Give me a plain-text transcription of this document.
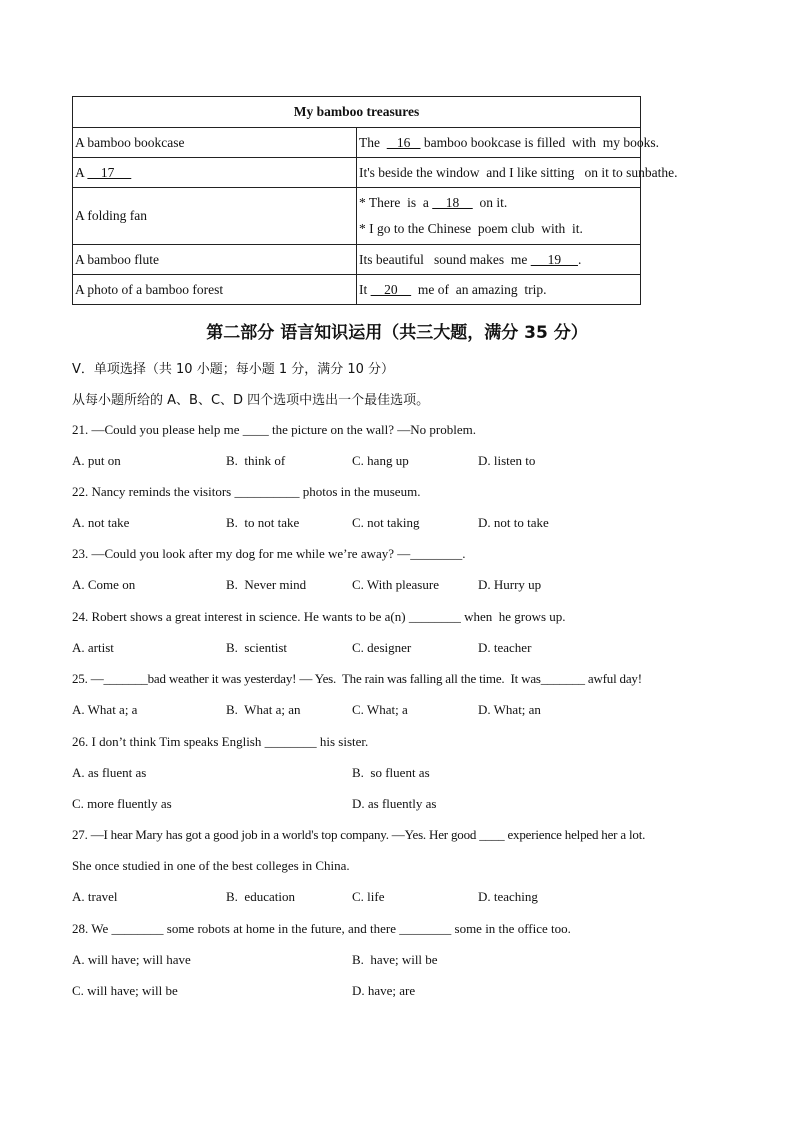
My bamboo treasures	
A bamboo bookcase	The     16    bamboo bookcase is filled  with  my books.
A     17	It's beside the window  and I like sitting   on it to sunbathe.
A folding fan	* There  is  a     18      on it.
* I go to the Chinese  poem club  with  it.

A bamboo flute	Its beautiful   sound makes  me      19     .
A photo of a bamboo forest	It     20      me of  an amazing  trip.
第二部分 语言知识运用（共三大题，满分 35 分）
Ⅴ．单项选择（共 10 小题；每小题 1 分，满分 10 分）
从每小题所给的 A、B、C、D 四个选项中选出一个最佳选项。
21. —Could you please help me ____ the picture on the wall? —No problem.
A. put on	B.  think of	C. hang up	D. listen to
22. Nancy reminds the visitors __________ photos in the museum.
A. not take	B.  to not take	C. not taking	D. not to take
23. —Could you look after my dog for me while we’re away? —________.
A. Come on	B.  Never mind	C. With pleasure	D. Hurry up
24. Robert shows a great interest in science. He wants to be a(n) ________ when  he grows up.
A. artist	B.  scientist	C. designer	D. teacher
25. —_______bad weather it was yesterday! — Yes.  The rain was falling all the time.  It was_______ awful day!
A. What a; a	B.  What a; an	C. What; a	D. What; an
26. I don’t think Tim speaks English ________ his sister.
A. as fluent as	B.  so fluent as
C. more fluently as	D. as fluently as
27. —I hear Mary has got a good job in a world's top company. —Yes. Her good ____ experience helped her a lot.
She once studied in one of the best colleges in China.
A. travel	B.  education	C. life	D. teaching
28. We ________ some robots at home in the future, and there ________ some in the office too.
A. will have; will have	B.  have; will be
C. will have; will be	D. have; are
